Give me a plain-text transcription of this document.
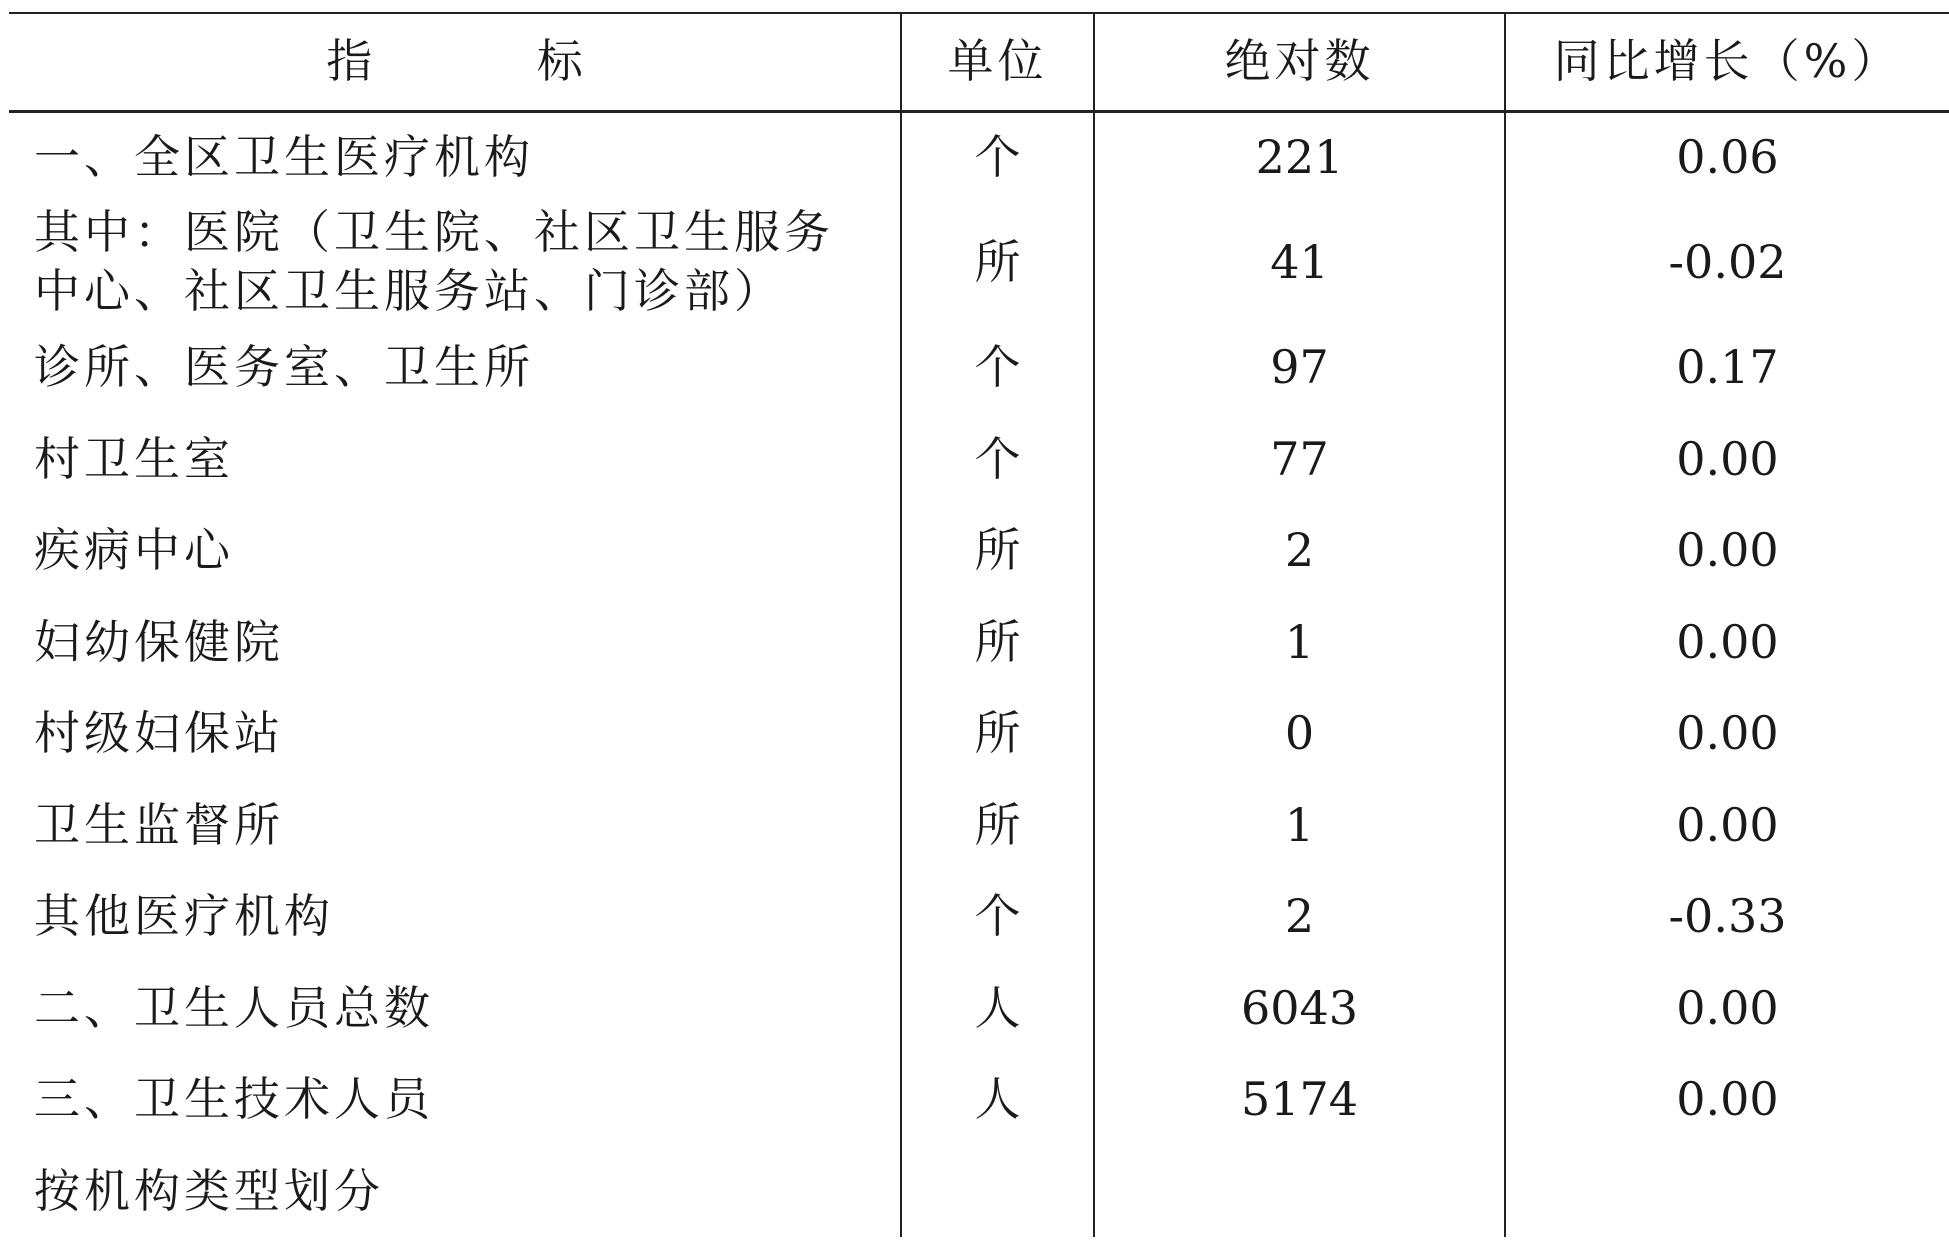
指 标	单位	绝对数	同比增长（%）
一、全区卫生医疗机构	个	221	0.06
其中：医院（卫生院、社区卫生服务中心、社区卫生服务站、门诊部）	所	41	-0.02
诊所、医务室、卫生所	个	97	0.17
村卫生室	个	77	0.00
疾病中心	所	2	0.00
妇幼保健院	所	1	0.00
村级妇保站	所	0	0.00
卫生监督所	所	1	0.00
其他医疗机构	个	2	-0.33
二、卫生人员总数	人	6043	0.00
三、卫生技术人员	人	5174	0.00
按机构类型划分			
